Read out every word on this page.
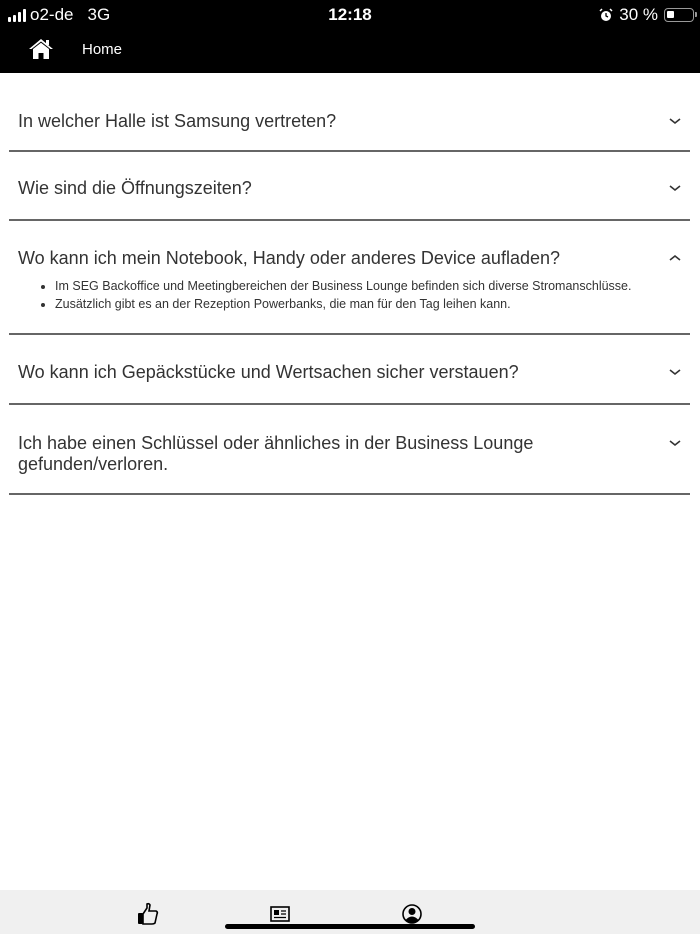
o2-de 3G	12:18	30 %
Home
In welcher Halle ist Samsung vertreten?
Wie sind die Öffnungszeiten?
Wo kann ich mein Notebook, Handy oder anderes Device aufladen?
• Im SEG Backoffice und Meetingbereichen der Business Lounge befinden sich diverse Stromanschlüsse.
• Zusätzlich gibt es an der Rezeption Powerbanks, die man für den Tag leihen kann.
Wo kann ich Gepäckstücke und Wertsachen sicher verstauen?
Ich habe einen Schlüssel oder ähnliches in der Business Lounge gefunden/verloren.
